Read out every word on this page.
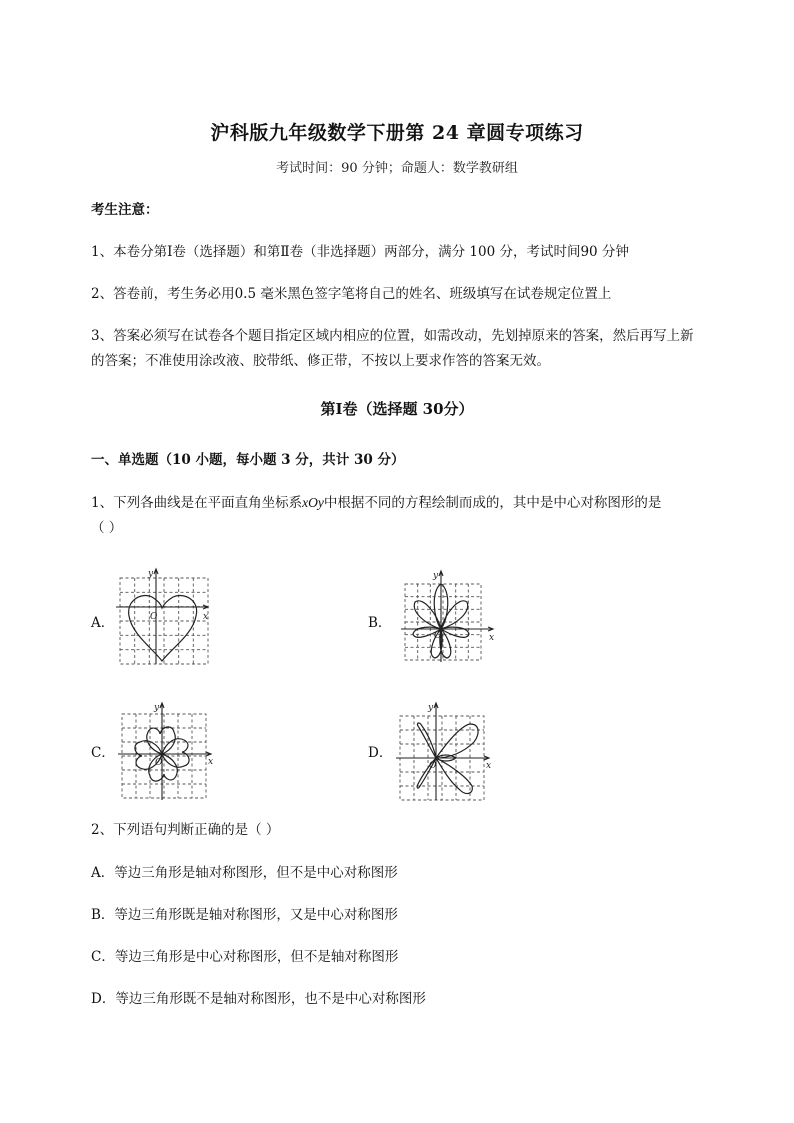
沪科版九年级数学下册第 24 章圆专项练习
考试时间：90 分钟；命题人：数学教研组
考生注意：
1、本卷分第Ⅰ卷（选择题）和第Ⅱ卷（非选择题）两部分，满分 100 分，考试时间90 分钟
2、答卷前，考生务必用0.5 毫米黑色签字笔将自己的姓名、班级填写在试卷规定位置上
3、答案必须写在试卷各个题目指定区域内相应的位置，如需改动，先划掉原来的答案，然后再写上新
的答案；不准使用涂改液、胶带纸、修正带，不按以上要求作答的答案无效。
第Ⅰ卷（选择题 30分）
一、单选题（10 小题，每小题 3 分，共计 30 分）
1、下列各曲线是在平面直角坐标系xOy中根据不同的方程绘制而成的，其中是中心对称图形的是
（ ）
A．
y
x
O	B．
y
x
O
C．
y
x
O
D．
y
x
O
2、下列语句判断正确的是（ ）
A．等边三角形是轴对称图形，但不是中心对称图形
B．等边三角形既是轴对称图形，又是中心对称图形
C．等边三角形是中心对称图形，但不是轴对称图形
D．等边三角形既不是轴对称图形，也不是中心对称图形
